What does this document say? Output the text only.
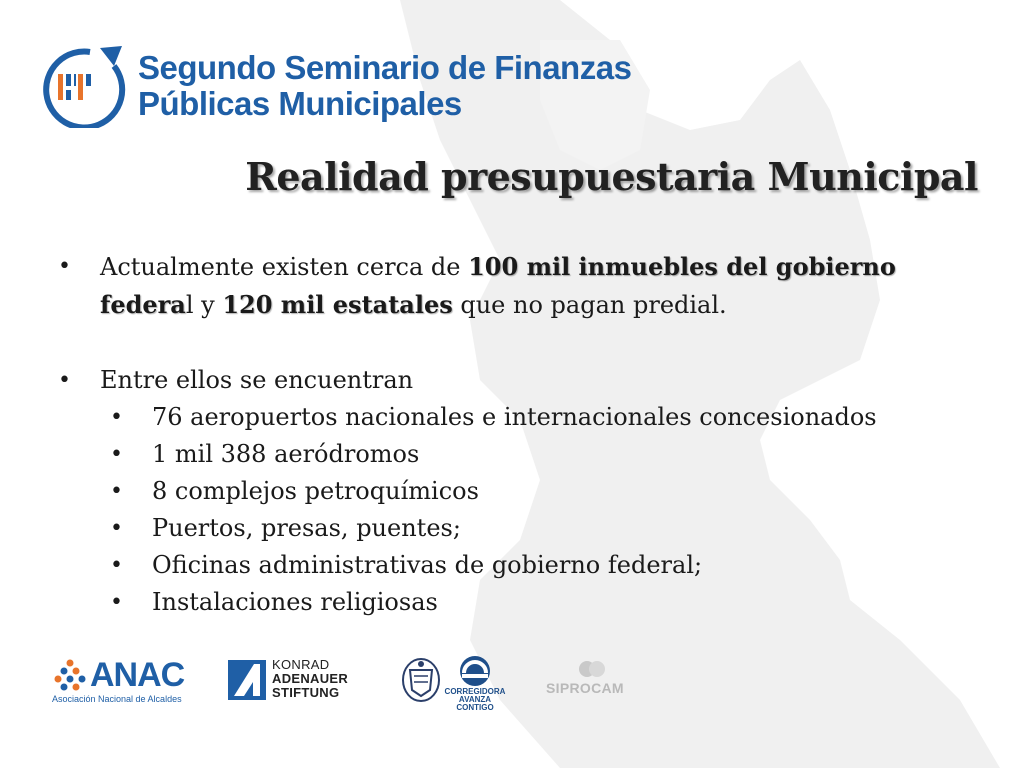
Segundo Seminario de Finanzas
Públicas Municipales
Realidad presupuestaria Municipal
• Actualmente existen cerca de 100 mil inmuebles del gobierno federal y 120 mil estatales que no pagan predial.
• Entre ellos se encuentran
• 76 aeropuertos nacionales e internacionales concesionados
• 1 mil 388 aeródromos
• 8 complejos petroquímicos
• Puertos, presas, puentes;
• Oficinas administrativas de gobierno federal;
• Instalaciones religiosas
ANAC
Asociación Nacional de Alcaldes
KONRAD
ADENAUER
STIFTUNG	CORREGIDORA
AVANZA CONTIGO
SIPROCAM
